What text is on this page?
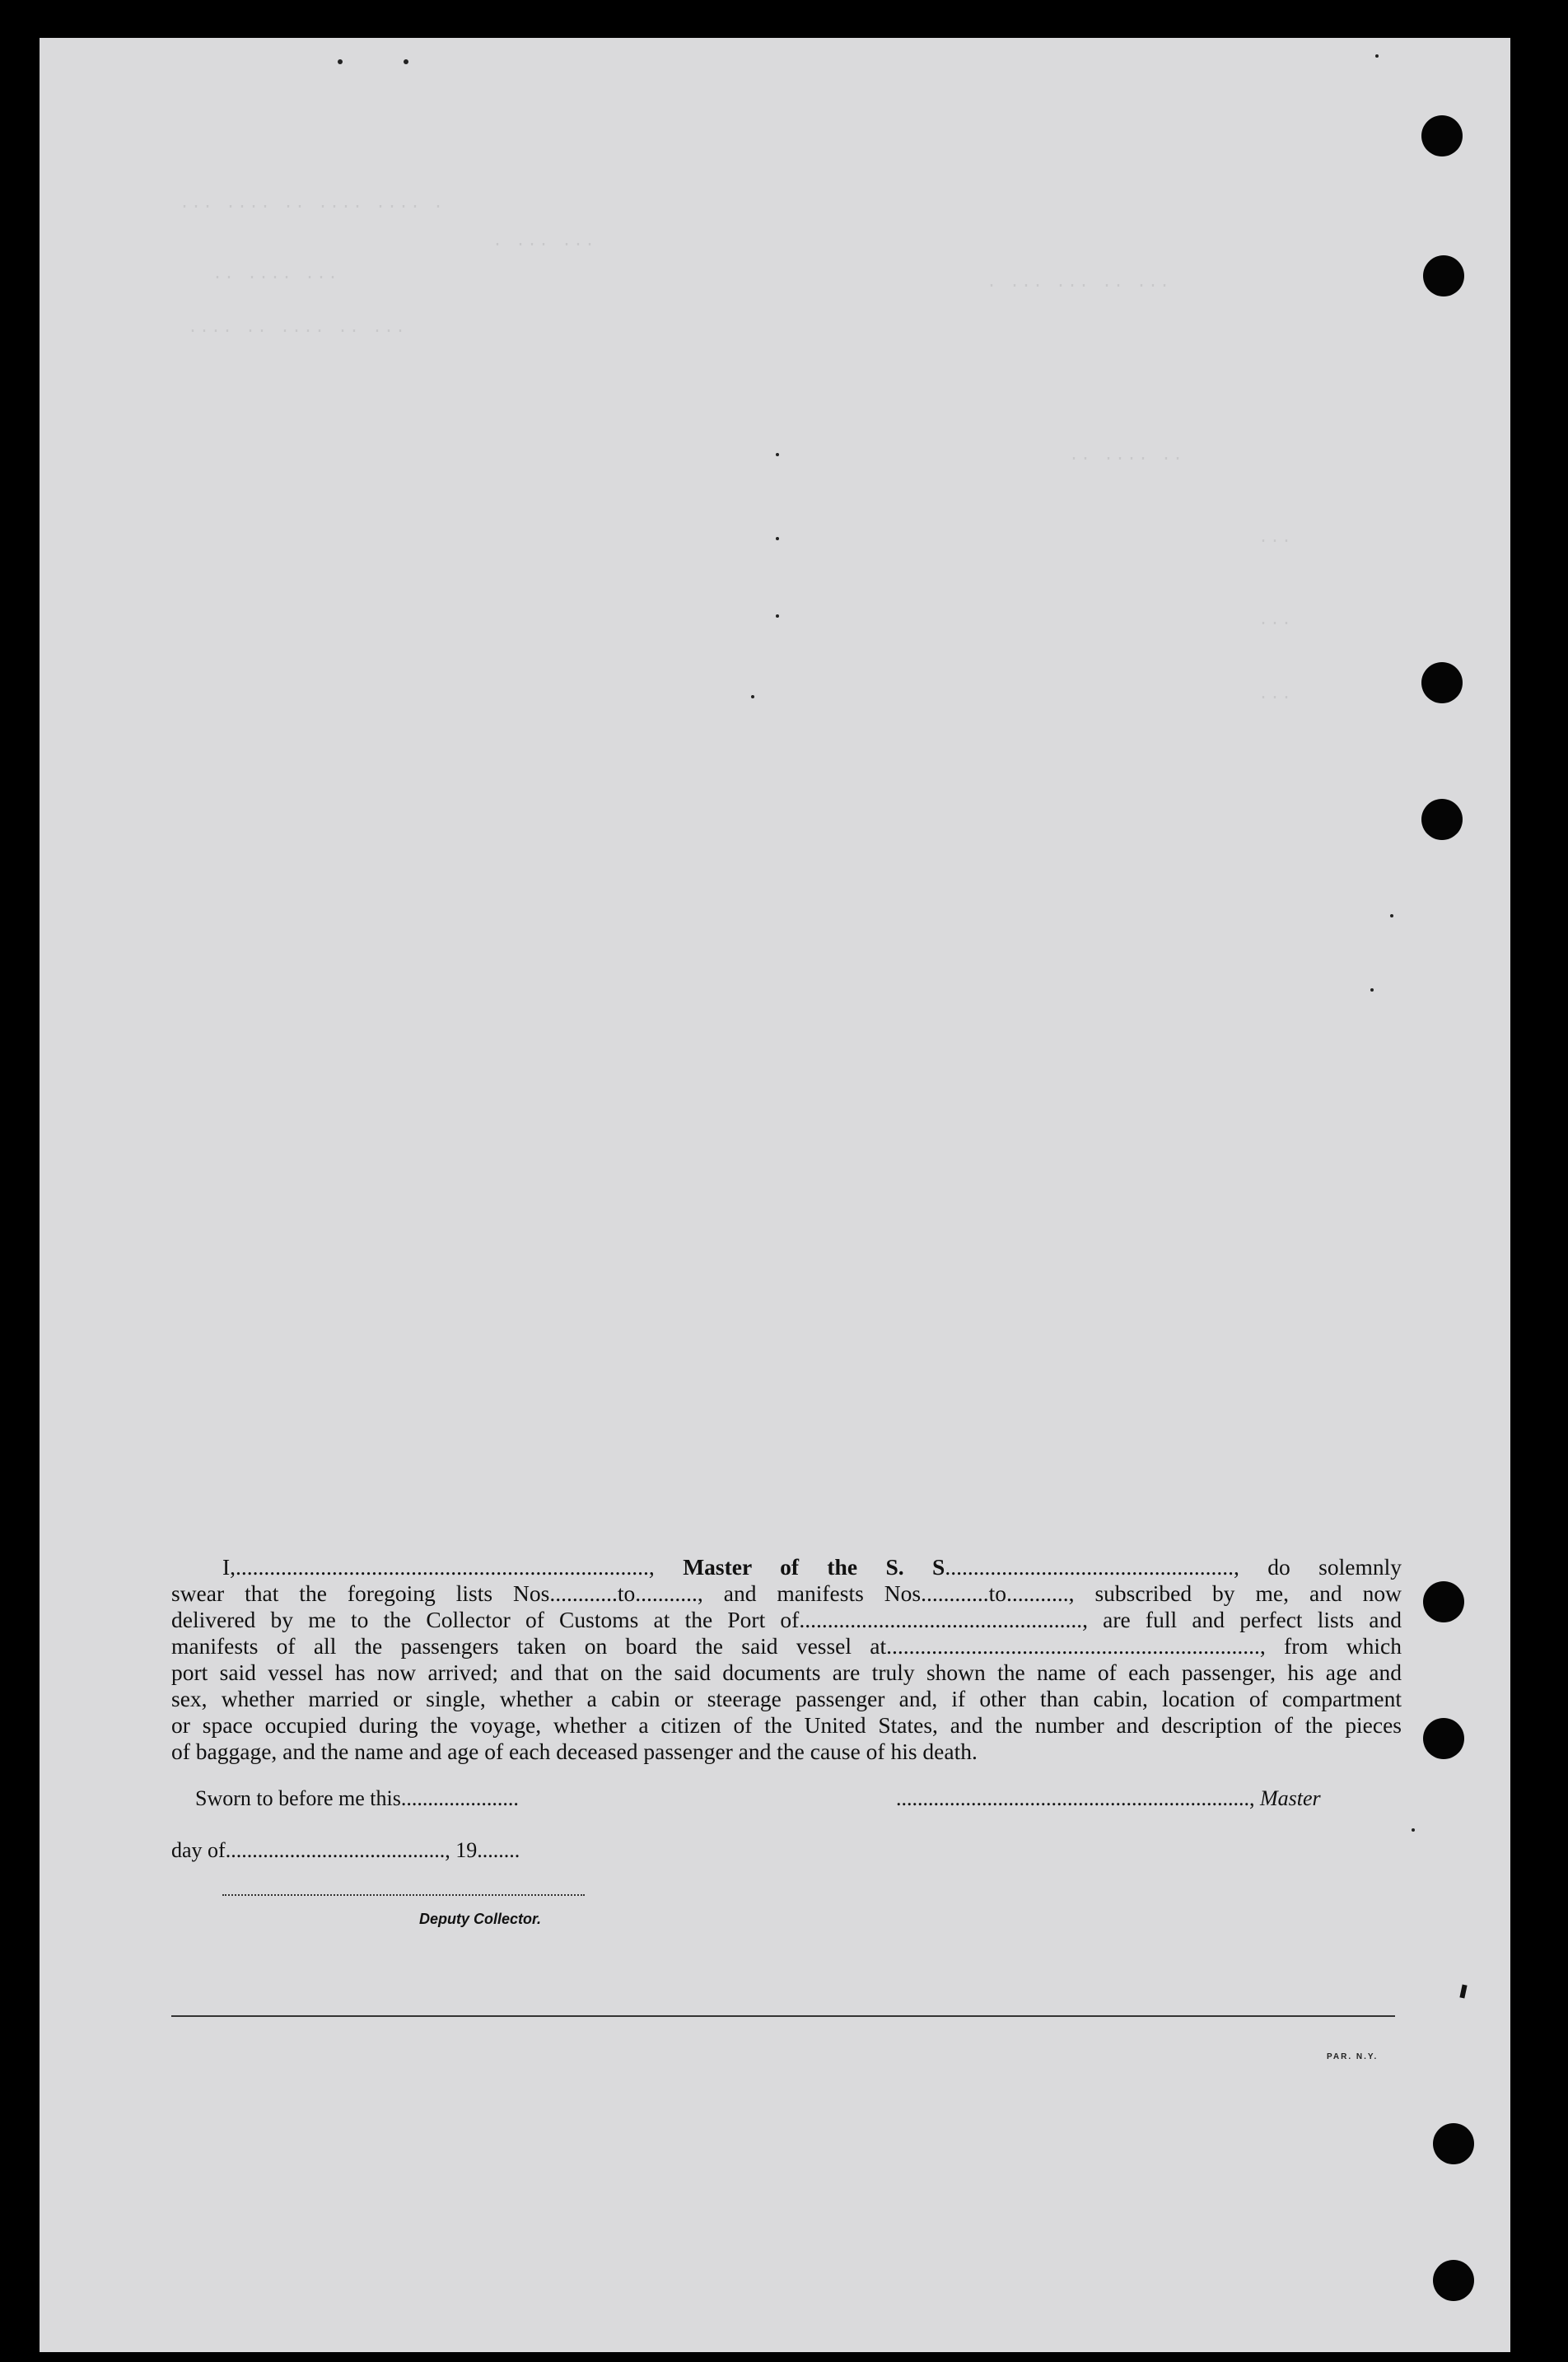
··· ···· ·· ···· ···· ·
· ··· ···
·· ···· ···	· ··· ··· ·· ···
···· ·· ···· ·· ···
·· ···· ··
···
···
···
I,........................................................................., Master of the S. S..................................................., do solemnly
swear that the foregoing lists Nos............to..........., and manifests Nos............to..........., subscribed by me, and now
delivered by me to the Collector of Customs at the Port of.................................................., are full and perfect lists and
manifests of all the passengers taken on board the said vessel at.................................................................., from which
port said vessel has now arrived; and that on the said documents are truly shown the name of each passenger, his age and
sex, whether married or single, whether a cabin or steerage passenger and, if other than cabin, location of compartment
or space occupied during the voyage, whether a citizen of the United States, and the number and description of the pieces
of baggage, and the name and age of each deceased passenger and the cause of his death.
Sworn to before me this......................	.................................................................., Master
day of........................................., 19........
Deputy Collector.
PAR. N.Y.
